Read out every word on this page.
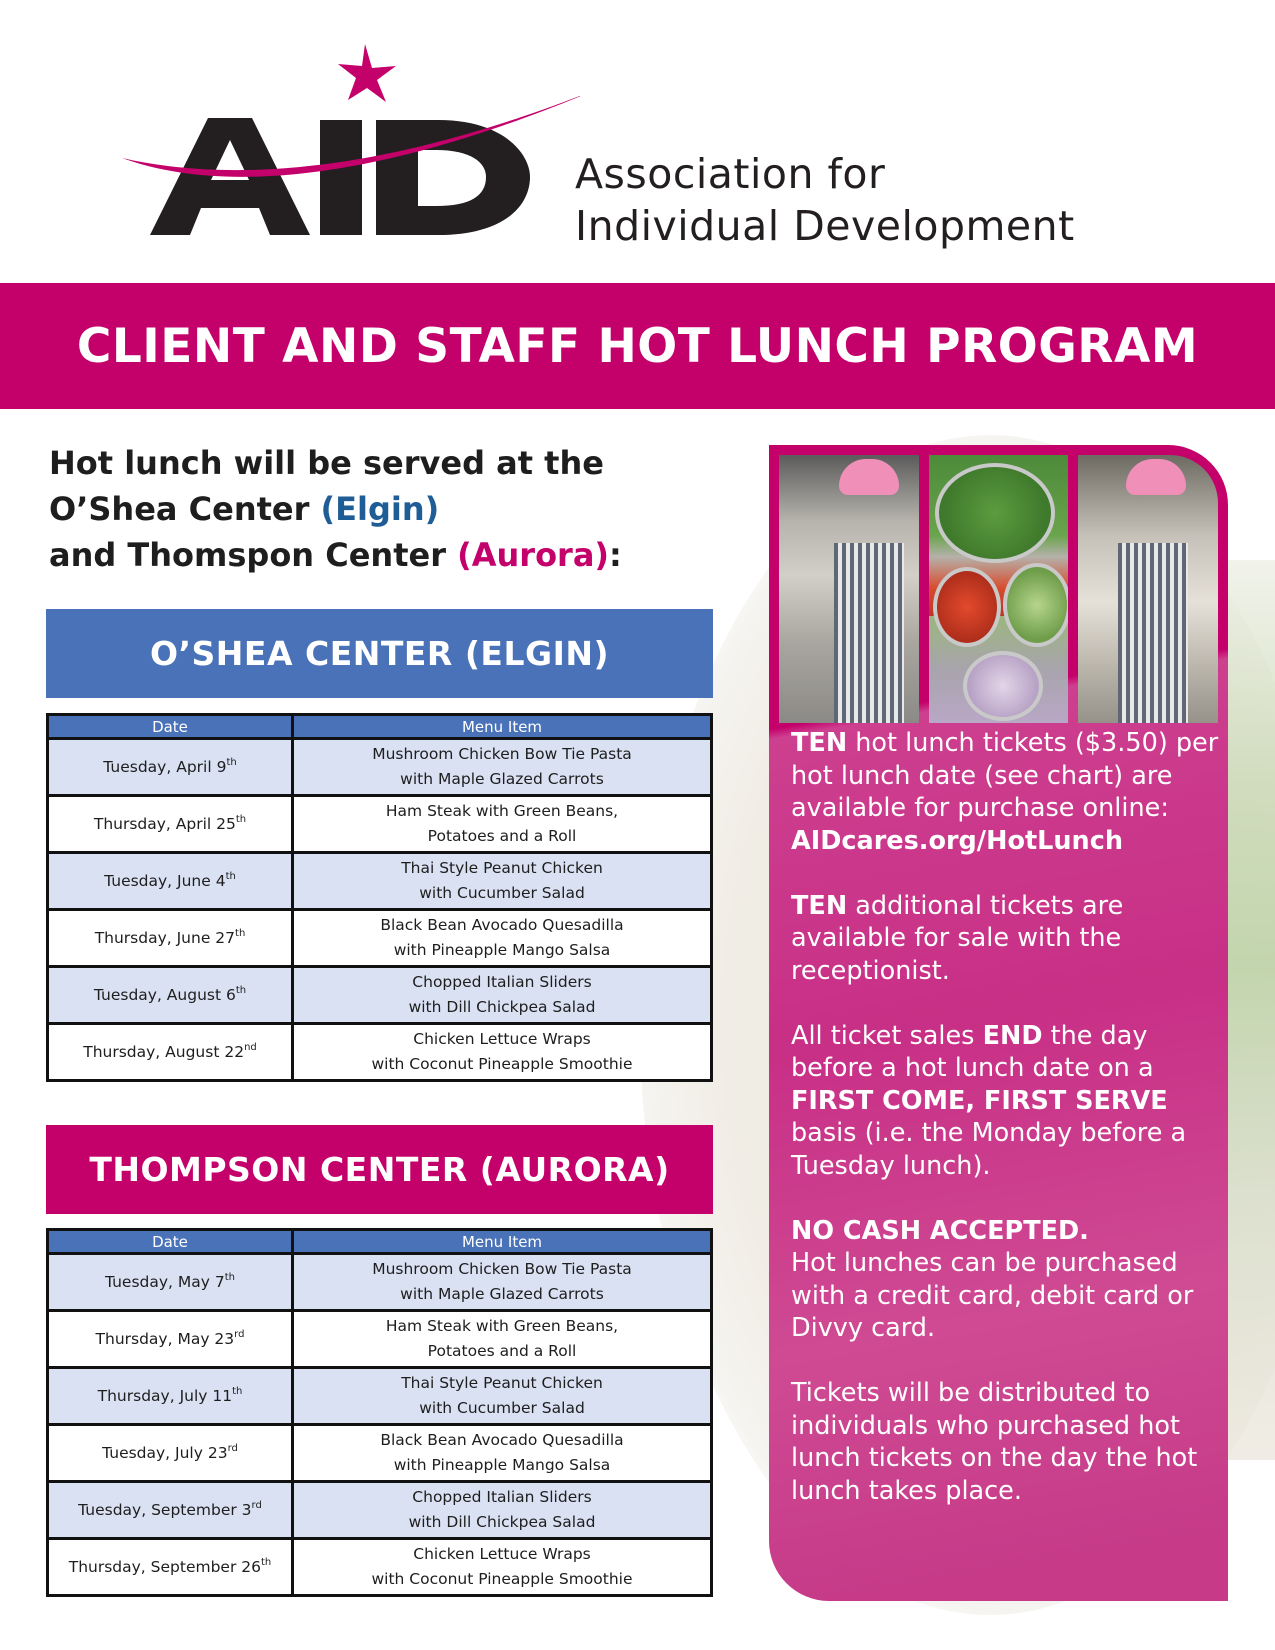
Association for
Individual Development
CLIENT AND STAFF HOT LUNCH PROGRAM
Hot lunch will be served at the
O’Shea Center (Elgin)
and Thomspon Center (Aurora):
O’SHEA CENTER (ELGIN)
Date	Menu Item
Tuesday, April 9th	Mushroom Chicken Bow Tie Pasta
with Maple Glazed Carrots

Thursday, April 25th	Ham Steak with Green Beans,
Potatoes and a Roll

Tuesday, June 4th	Thai Style Peanut Chicken
with Cucumber Salad

Thursday, June 27th	Black Bean Avocado Quesadilla
with Pineapple Mango Salsa

Tuesday, August 6th	Chopped Italian Sliders
with Dill Chickpea Salad

Thursday, August 22nd	Chicken Lettuce Wraps
with Coconut Pineapple Smoothie
THOMPSON CENTER (AURORA)
Date	Menu Item
Tuesday, May 7th	Mushroom Chicken Bow Tie Pasta
with Maple Glazed Carrots

Thursday, May 23rd	Ham Steak with Green Beans,
Potatoes and a Roll

Thursday, July 11th	Thai Style Peanut Chicken
with Cucumber Salad

Tuesday, July 23rd	Black Bean Avocado Quesadilla
with Pineapple Mango Salsa

Tuesday, September 3rd	Chopped Italian Sliders
with Dill Chickpea Salad

Thursday, September 26th	Chicken Lettuce Wraps
with Coconut Pineapple Smoothie

TEN hot lunch tickets ($3.50) per hot lunch date (see chart) are available for purchase online:
AIDcares.org/HotLunch

TEN additional tickets are available for sale with the receptionist.

All ticket sales END the day before a hot lunch date on a FIRST COME, FIRST SERVE basis (i.e. the Monday before a Tuesday lunch).

NO CASH ACCEPTED.
Hot lunches can be purchased with a credit card, debit card or Divvy card.

Tickets will be distributed to individuals who purchased hot lunch tickets on the day the hot lunch takes place.
